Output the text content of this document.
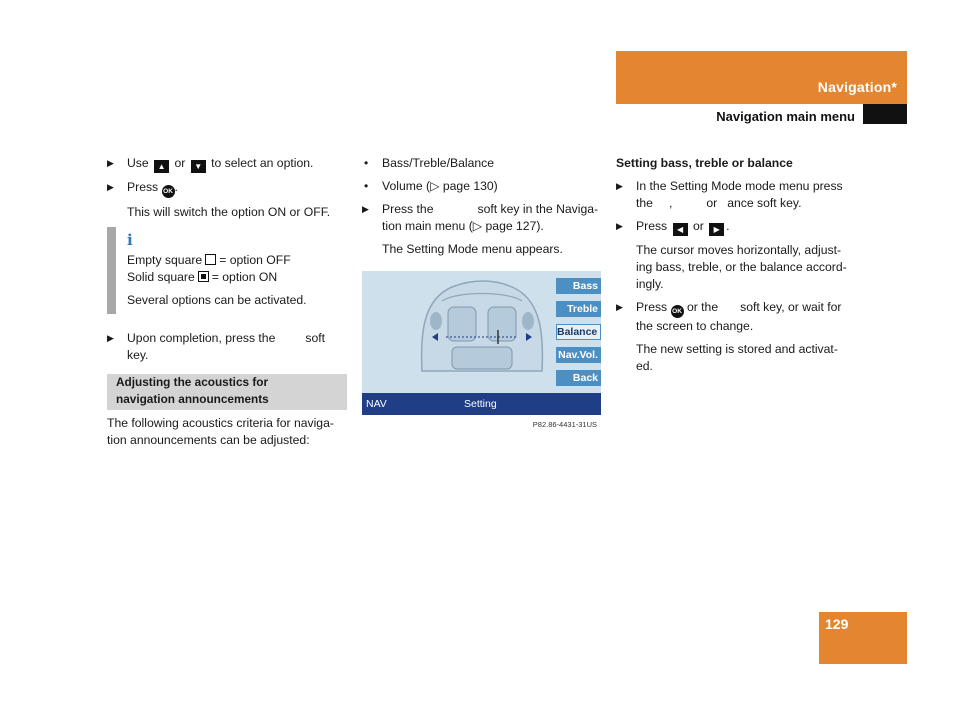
Navigation*
Navigation main menu
▶ Use ▲ or ▼ to select an option.
▶ Press OK .
This will switch the option ON or OFF.
i
Empty square = option OFF
Solid square = option ON
Several options can be activated.
▶ Upon completion, press the soft
key.
Adjusting the acoustics for
navigation announcements
The following acoustics criteria for naviga-
tion announcements can be adjusted:
• Bass/Treble/Balance
• Volume (▷ page 130)
▶ Press the	soft key in the Naviga-
tion main menu (▷ page 127).
The Setting Mode menu appears.
Bass
Treble
Balance
Nav.Vol.
Back
NAV	Setting
P82.86-4431-31US
Setting bass, treble or balance
▶ In the Setting Mode mode menu press
the ,	or ance soft key.
▶ Press ◀ or ▶ .
The cursor moves horizontally, adjust-
ing bass, treble, or the balance accord-
ingly.
▶ Press OK or the soft key, or wait for
the screen to change.
The new setting is stored and activat-
ed.
129
